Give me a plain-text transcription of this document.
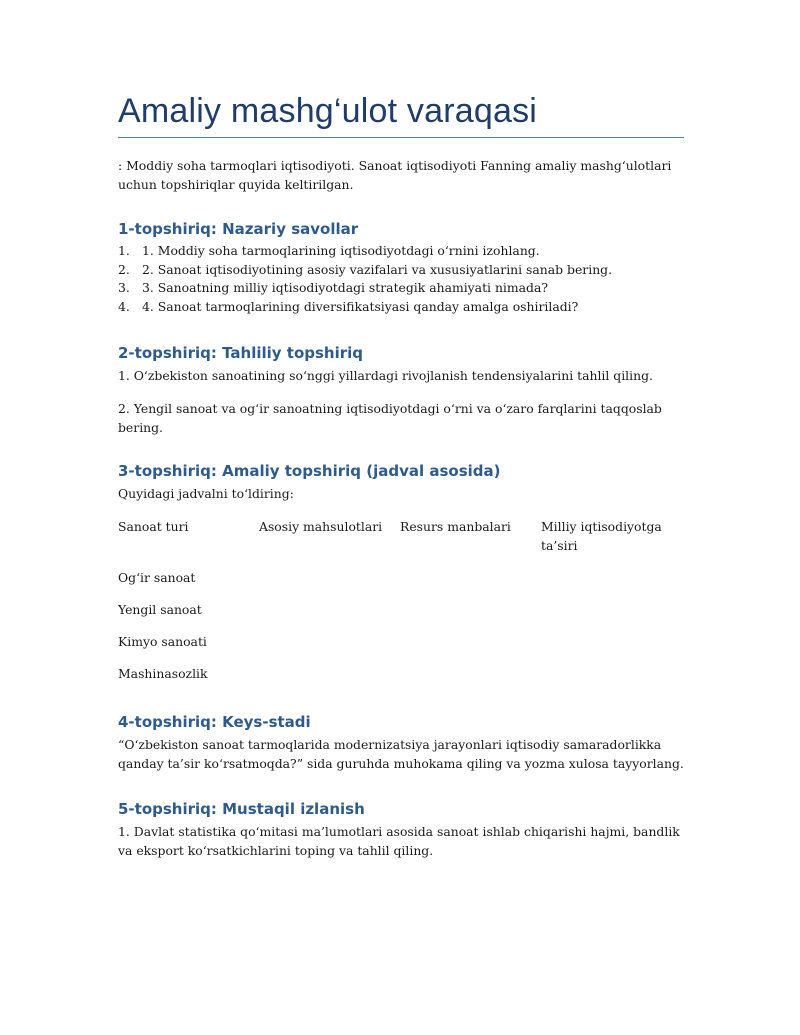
Amaliy mashg‘ulot varaqasi

: Moddiy soha tarmoqlari iqtisodiyoti. Sanoat iqtisodiyoti Fanning amaliy mashg‘ulotlari uchun topshiriqlar quyida keltirilgan.

1-topshiriq: Nazariy savollar
1. 1. Moddiy soha tarmoqlarining iqtisodiyotdagi o‘rnini izohlang.
2. 2. Sanoat iqtisodiyotining asosiy vazifalari va xususiyatlarini sanab bering.
3. 3. Sanoatning milliy iqtisodiyotdagi strategik ahamiyati nimada?
4. 4. Sanoat tarmoqlarining diversifikatsiyasi qanday amalga oshiriladi?
2-topshiriq: Tahliliy topshiriq

1. O‘zbekiston sanoatining so‘nggi yillardagi rivojlanish tendensiyalarini tahlil qiling.

2. Yengil sanoat va og‘ir sanoatning iqtisodiyotdagi o‘rni va o‘zaro farqlarini taqqoslab bering.

3-topshiriq: Amaliy topshiriq (jadval asosida)

Quyidagi jadvalni to‘ldiring:

Sanoat turi	Asosiy mahsulotlari	Resurs manbalari	Milliy iqtisodiyotga ta’siri
Og‘ir sanoat
Yengil sanoat
Kimyo sanoati
Mashinasozlik
4-topshiriq: Keys-stadi

“O‘zbekiston sanoat tarmoqlarida modernizatsiya jarayonlari iqtisodiy samaradorlikka qanday ta’sir ko‘rsatmoqda?” sida guruhda muhokama qiling va yozma xulosa tayyorlang.

5-topshiriq: Mustaqil izlanish

1. Davlat statistika qo‘mitasi ma’lumotlari asosida sanoat ishlab chiqarishi hajmi, bandlik va eksport ko‘rsatkichlarini toping va tahlil qiling.
